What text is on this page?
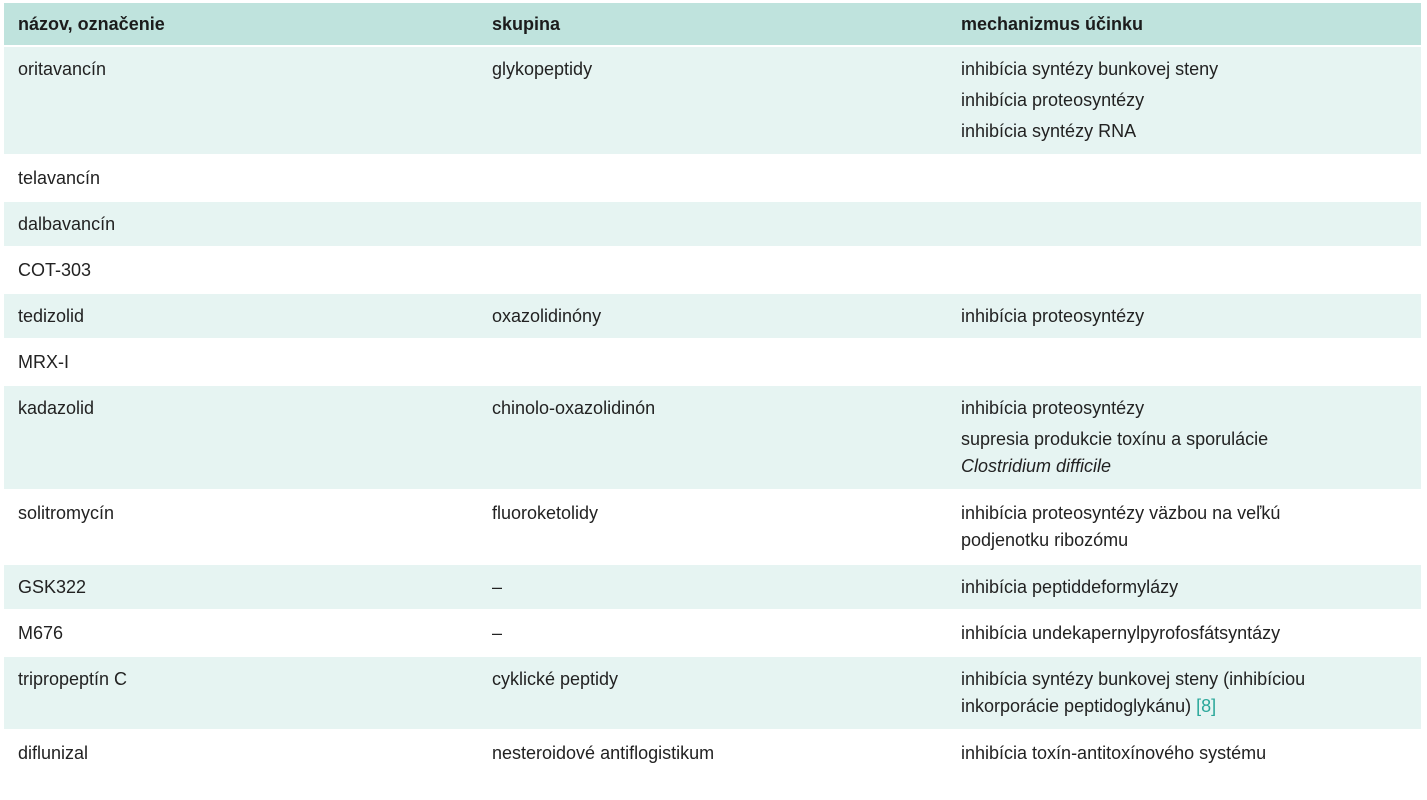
názov, označenie	skupina	mechanizmus účinku
oritavancín	glykopeptidy	inhibícia syntézy bunkovej steny
inhibícia proteosyntézy
inhibícia syntézy RNA

telavancín		
dalbavancín		
COT-303		
tedizolid	oxazolidinóny	inhibícia proteosyntézy
MRX-I		
kadazolid	chinolo-oxazolidinón	inhibícia proteosyntézy
supresia produkcie toxínu a sporulácie
Clostridium difficile

solitromycín	fluoroketolidy	inhibícia proteosyntézy väzbou na veľkú
podjenotku ribozómu

GSK322	–	inhibícia peptiddeformylázy
M676	–	inhibícia undekapernylpyrofosfátsyntázy
tripropeptín C	cyklické peptidy	inhibícia syntézy bunkovej steny (inhibíciou
inkorporácie peptidoglykánu) [8]

diflunizal	nesteroidové antiflogistikum	inhibícia toxín-antitoxínového systému
